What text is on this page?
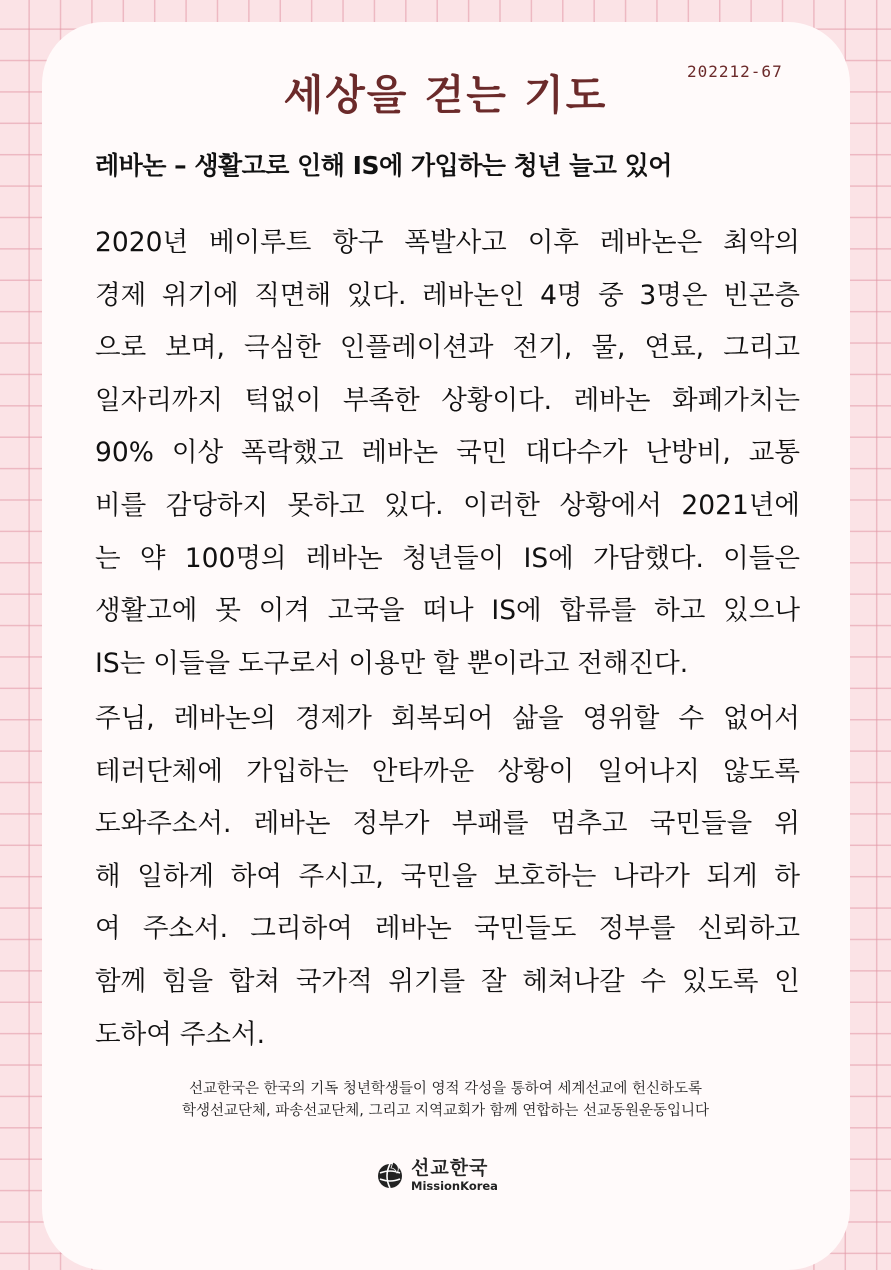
세상을 걷는 기도	202212-67
레바논 – 생활고로 인해 IS에 가입하는 청년 늘고 있어
2020년 베이루트 항구 폭발사고 이후 레바논은 최악의
경제 위기에 직면해 있다. 레바논인 4명 중 3명은 빈곤층
으로 보며, 극심한 인플레이션과 전기, 물, 연료, 그리고
일자리까지 턱없이 부족한 상황이다. 레바논 화폐가치는
90% 이상 폭락했고 레바논 국민 대다수가 난방비, 교통
비를 감당하지 못하고 있다. 이러한 상황에서 2021년에
는 약 100명의 레바논 청년들이 IS에 가담했다. 이들은
생활고에 못 이겨 고국을 떠나 IS에 합류를 하고 있으나
IS는 이들을 도구로서 이용만 할 뿐이라고 전해진다.
주님, 레바논의 경제가 회복되어 삶을 영위할 수 없어서
테러단체에 가입하는 안타까운 상황이 일어나지 않도록
도와주소서. 레바논 정부가 부패를 멈추고 국민들을 위
해 일하게 하여 주시고, 국민을 보호하는 나라가 되게 하
여 주소서. 그리하여 레바논 국민들도 정부를 신뢰하고
함께 힘을 합쳐 국가적 위기를 잘 헤쳐나갈 수 있도록 인
도하여 주소서.
선교한국은 한국의 기독 청년학생들이 영적 각성을 통하여 세계선교에 헌신하도록
학생선교단체, 파송선교단체, 그리고 지역교회가 함께 연합하는 선교동원운동입니다
선교한국
MissionKorea
